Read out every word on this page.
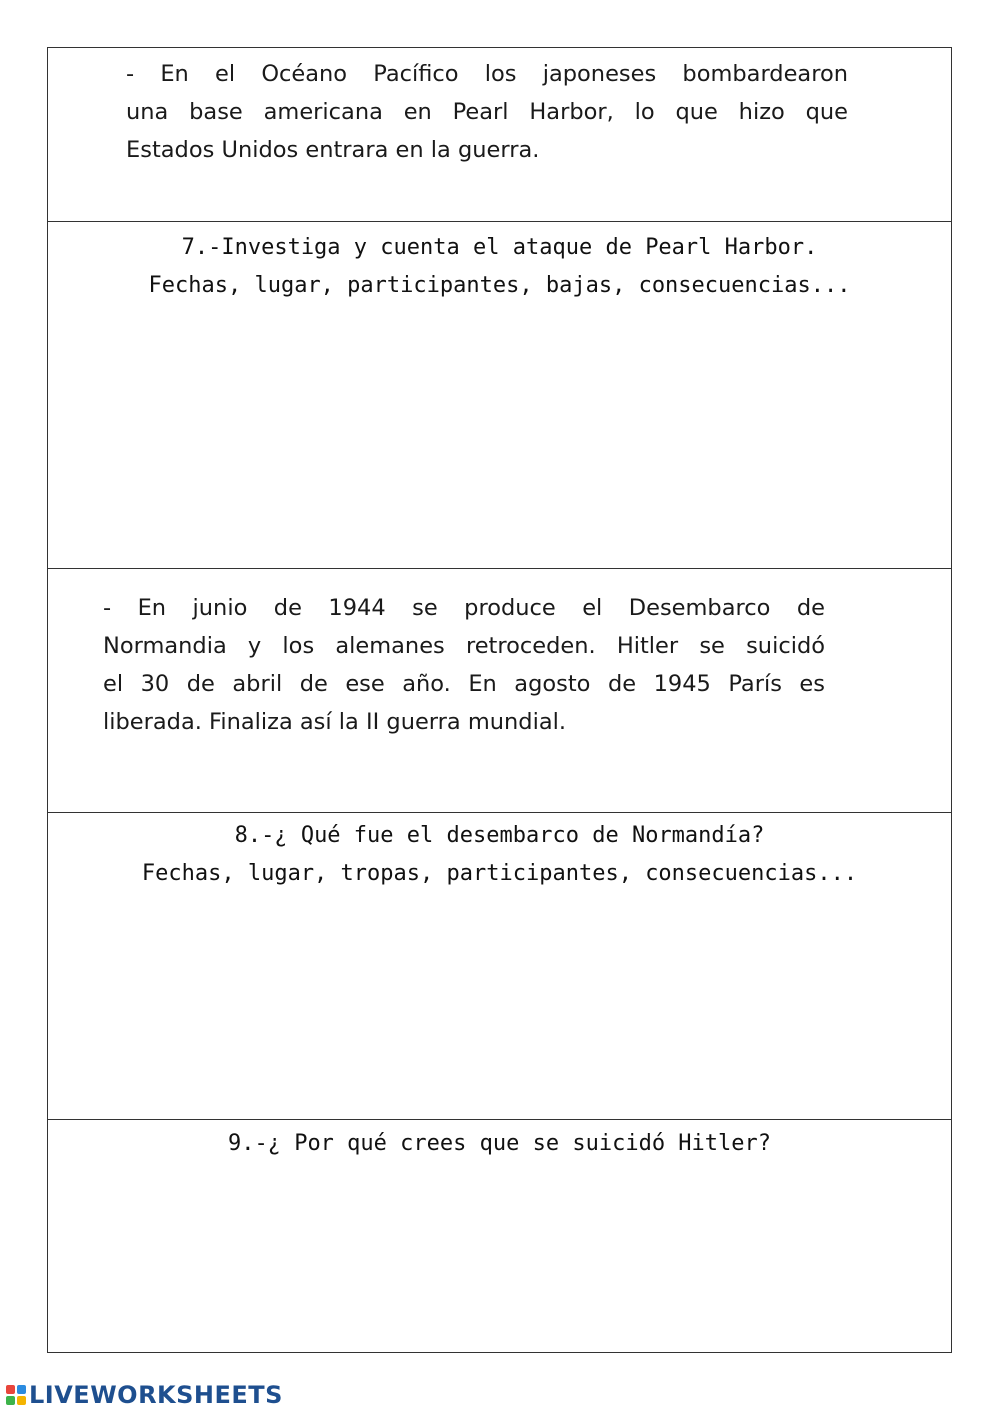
- En el Océano Pacífico los japoneses bombardearon
una base americana en Pearl Harbor, lo que hizo que
Estados Unidos entrara en la guerra.
7.-Investiga y cuenta el ataque de Pearl Harbor.
Fechas, lugar, participantes, bajas, consecuencias...
- En junio de 1944 se produce el Desembarco de
Normandia y los alemanes retroceden. Hitler se suicidó
el 30 de abril de ese año. En agosto de 1945 París es
liberada. Finaliza así la II guerra mundial.
8.-¿ Qué fue el desembarco de Normandía?
Fechas, lugar, tropas, participantes, consecuencias...
9.-¿ Por qué crees que se suicidó Hitler?
LIVEWORKSHEETS
